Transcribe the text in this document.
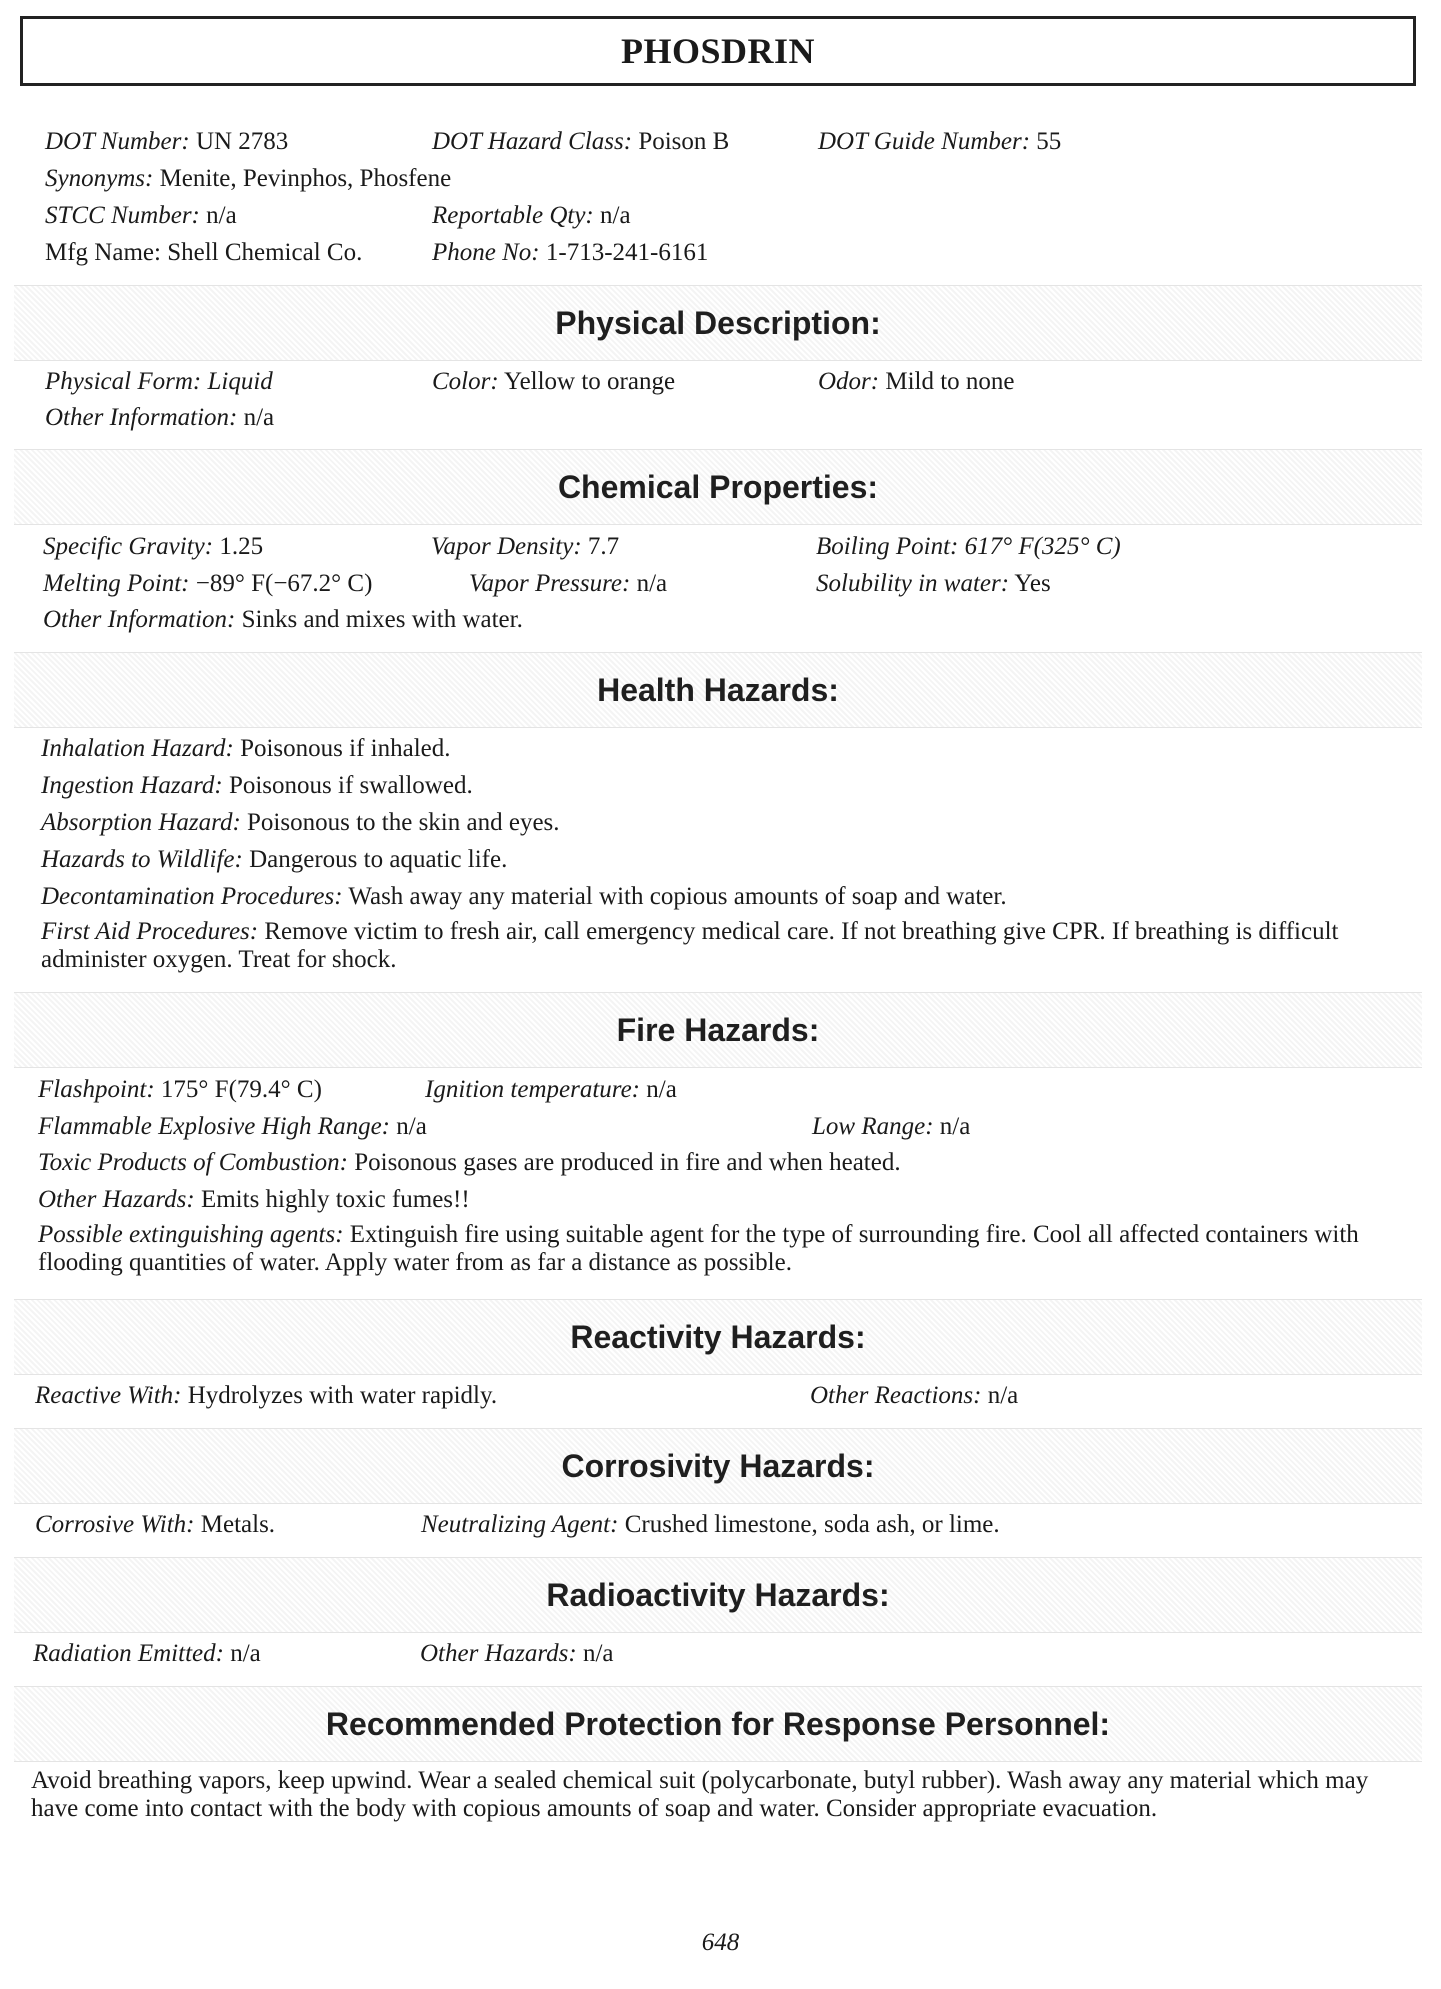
PHOSDRIN
DOT Number: UN 2783	DOT Hazard Class: Poison B	DOT Guide Number: 55
Synonyms: Menite, Pevinphos, Phosfene
STCC Number: n/a	Reportable Qty: n/a
Mfg Name: Shell Chemical Co.	Phone No: 1-713-241-6161
Physical Description:
Physical Form: Liquid	Color: Yellow to orange	Odor: Mild to none
Other Information: n/a
Chemical Properties:
Specific Gravity: 1.25	Vapor Density: 7.7	Boiling Point: 617° F(325° C)
Melting Point: −89° F(−67.2° C)	Vapor Pressure: n/a	Solubility in water: Yes
Other Information: Sinks and mixes with water.
Health Hazards:
Inhalation Hazard: Poisonous if inhaled.
Ingestion Hazard: Poisonous if swallowed.
Absorption Hazard: Poisonous to the skin and eyes.
Hazards to Wildlife: Dangerous to aquatic life.
Decontamination Procedures: Wash away any material with copious amounts of soap and water.
First Aid Procedures: Remove victim to fresh air, call emergency medical care. If not breathing give CPR. If breathing is difficult administer oxygen. Treat for shock.
Fire Hazards:
Flashpoint: 175° F(79.4° C)	Ignition temperature: n/a
Flammable Explosive High Range: n/a	Low Range: n/a
Toxic Products of Combustion: Poisonous gases are produced in fire and when heated.
Other Hazards: Emits highly toxic fumes!!
Possible extinguishing agents: Extinguish fire using suitable agent for the type of surrounding fire. Cool all affected containers with flooding quantities of water. Apply water from as far a distance as possible.
Reactivity Hazards:
Reactive With: Hydrolyzes with water rapidly.	Other Reactions: n/a
Corrosivity Hazards:
Corrosive With: Metals.	Neutralizing Agent: Crushed limestone, soda ash, or lime.
Radioactivity Hazards:
Radiation Emitted: n/a	Other Hazards: n/a
Recommended Protection for Response Personnel:
Avoid breathing vapors, keep upwind. Wear a sealed chemical suit (polycarbonate, butyl rubber). Wash away any material which may have come into contact with the body with copious amounts of soap and water. Consider appropriate evacuation.
648
